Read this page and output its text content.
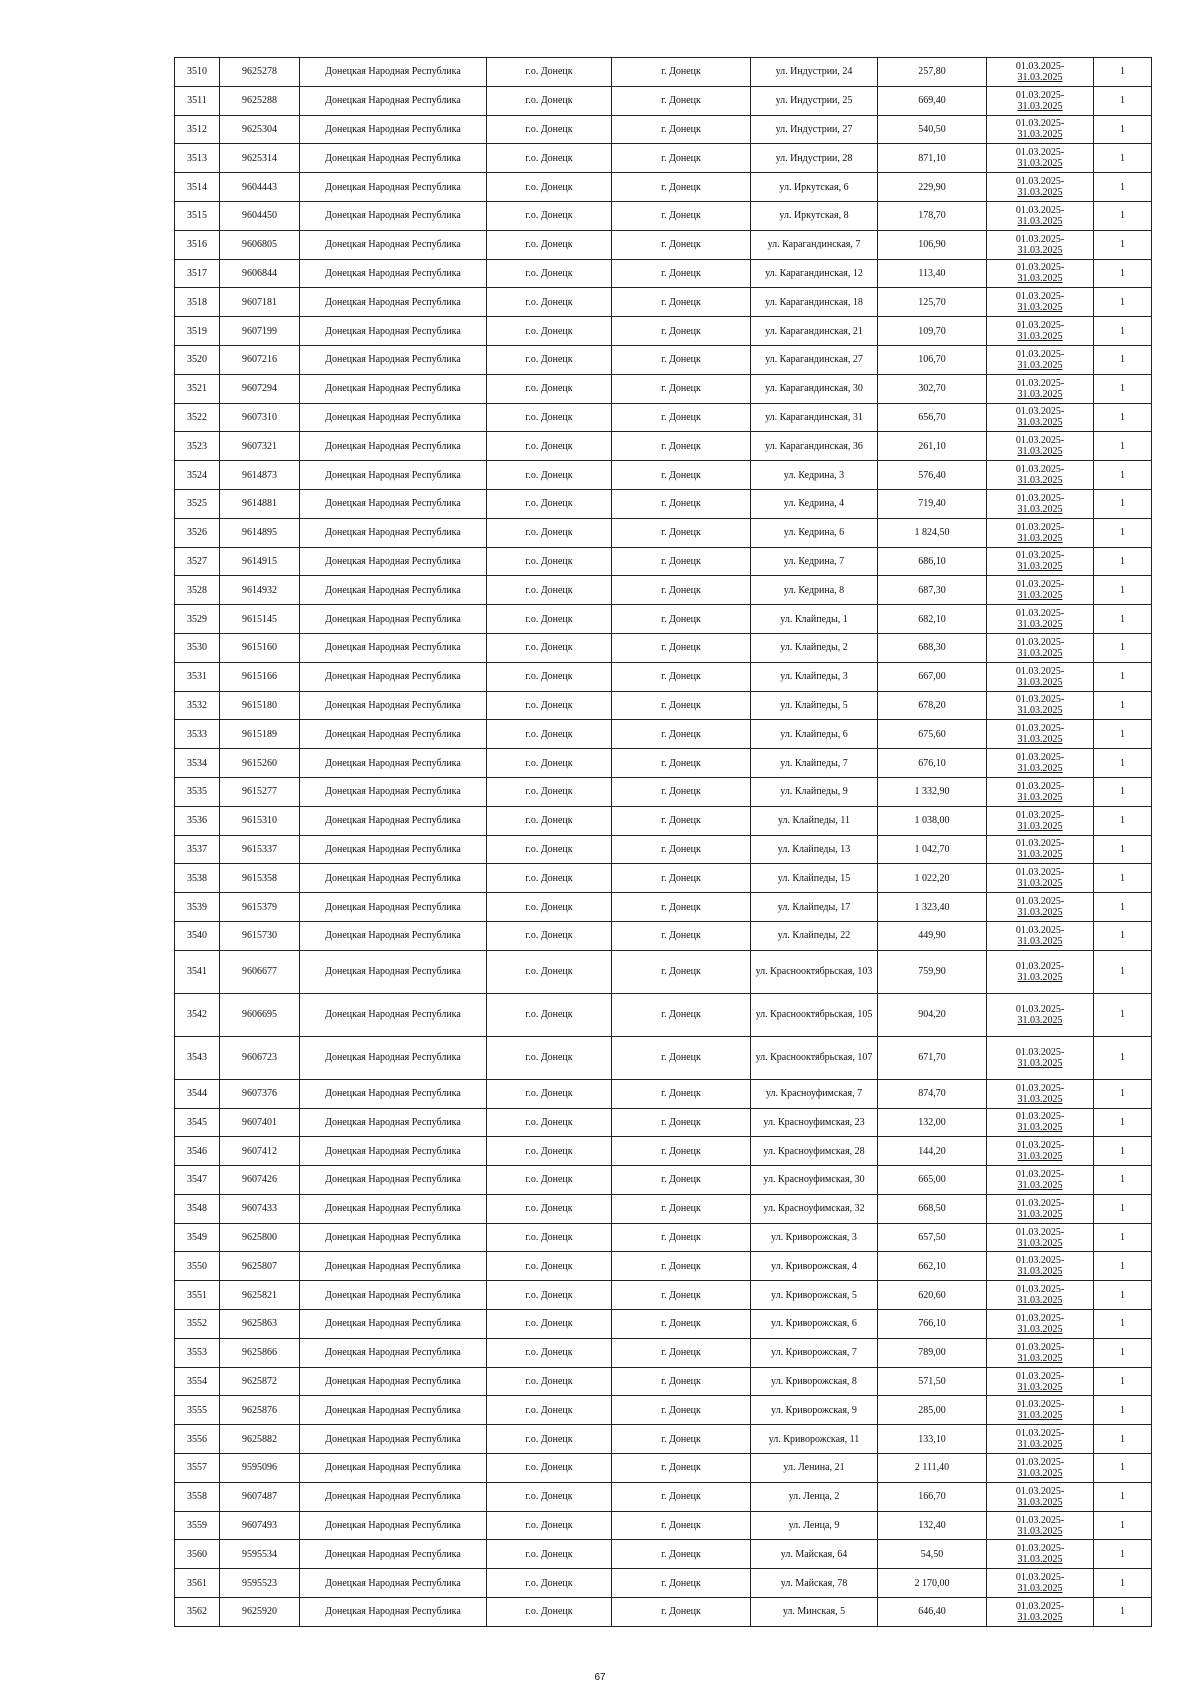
3510	9625278	Донецкая Народная Республика	г.о. Донецк	г. Донецк	ул. Индустрии, 24	257,80	01.03.2025-
31.03.2025	1
3511	9625288	Донецкая Народная Республика	г.о. Донецк	г. Донецк	ул. Индустрии, 25	669,40	01.03.2025-
31.03.2025	1
3512	9625304	Донецкая Народная Республика	г.о. Донецк	г. Донецк	ул. Индустрии, 27	540,50	01.03.2025-
31.03.2025	1
3513	9625314	Донецкая Народная Республика	г.о. Донецк	г. Донецк	ул. Индустрии, 28	871,10	01.03.2025-
31.03.2025	1
3514	9604443	Донецкая Народная Республика	г.о. Донецк	г. Донецк	ул. Иркутская, 6	229,90	01.03.2025-
31.03.2025	1
3515	9604450	Донецкая Народная Республика	г.о. Донецк	г. Донецк	ул. Иркутская, 8	178,70	01.03.2025-
31.03.2025	1
3516	9606805	Донецкая Народная Республика	г.о. Донецк	г. Донецк	ул. Карагандинская, 7	106,90	01.03.2025-
31.03.2025	1
3517	9606844	Донецкая Народная Республика	г.о. Донецк	г. Донецк	ул. Карагандинская, 12	113,40	01.03.2025-
31.03.2025	1
3518	9607181	Донецкая Народная Республика	г.о. Донецк	г. Донецк	ул. Карагандинская, 18	125,70	01.03.2025-
31.03.2025	1
3519	9607199	Донецкая Народная Республика	г.о. Донецк	г. Донецк	ул. Карагандинская, 21	109,70	01.03.2025-
31.03.2025	1
3520	9607216	Донецкая Народная Республика	г.о. Донецк	г. Донецк	ул. Карагандинская, 27	106,70	01.03.2025-
31.03.2025	1
3521	9607294	Донецкая Народная Республика	г.о. Донецк	г. Донецк	ул. Карагандинская, 30	302,70	01.03.2025-
31.03.2025	1
3522	9607310	Донецкая Народная Республика	г.о. Донецк	г. Донецк	ул. Карагандинская, 31	656,70	01.03.2025-
31.03.2025	1
3523	9607321	Донецкая Народная Республика	г.о. Донецк	г. Донецк	ул. Карагандинская, 36	261,10	01.03.2025-
31.03.2025	1
3524	9614873	Донецкая Народная Республика	г.о. Донецк	г. Донецк	ул. Кедрина, 3	576,40	01.03.2025-
31.03.2025	1
3525	9614881	Донецкая Народная Республика	г.о. Донецк	г. Донецк	ул. Кедрина, 4	719,40	01.03.2025-
31.03.2025	1
3526	9614895	Донецкая Народная Республика	г.о. Донецк	г. Донецк	ул. Кедрина, 6	1 824,50	01.03.2025-
31.03.2025	1
3527	9614915	Донецкая Народная Республика	г.о. Донецк	г. Донецк	ул. Кедрина, 7	686,10	01.03.2025-
31.03.2025	1
3528	9614932	Донецкая Народная Республика	г.о. Донецк	г. Донецк	ул. Кедрина, 8	687,30	01.03.2025-
31.03.2025	1
3529	9615145	Донецкая Народная Республика	г.о. Донецк	г. Донецк	ул. Клайпеды, 1	682,10	01.03.2025-
31.03.2025	1
3530	9615160	Донецкая Народная Республика	г.о. Донецк	г. Донецк	ул. Клайпеды, 2	688,30	01.03.2025-
31.03.2025	1
3531	9615166	Донецкая Народная Республика	г.о. Донецк	г. Донецк	ул. Клайпеды, 3	667,00	01.03.2025-
31.03.2025	1
3532	9615180	Донецкая Народная Республика	г.о. Донецк	г. Донецк	ул. Клайпеды, 5	678,20	01.03.2025-
31.03.2025	1
3533	9615189	Донецкая Народная Республика	г.о. Донецк	г. Донецк	ул. Клайпеды, 6	675,60	01.03.2025-
31.03.2025	1
3534	9615260	Донецкая Народная Республика	г.о. Донецк	г. Донецк	ул. Клайпеды, 7	676,10	01.03.2025-
31.03.2025	1
3535	9615277	Донецкая Народная Республика	г.о. Донецк	г. Донецк	ул. Клайпеды, 9	1 332,90	01.03.2025-
31.03.2025	1
3536	9615310	Донецкая Народная Республика	г.о. Донецк	г. Донецк	ул. Клайпеды, 11	1 038,00	01.03.2025-
31.03.2025	1
3537	9615337	Донецкая Народная Республика	г.о. Донецк	г. Донецк	ул. Клайпеды, 13	1 042,70	01.03.2025-
31.03.2025	1
3538	9615358	Донецкая Народная Республика	г.о. Донецк	г. Донецк	ул. Клайпеды, 15	1 022,20	01.03.2025-
31.03.2025	1
3539	9615379	Донецкая Народная Республика	г.о. Донецк	г. Донецк	ул. Клайпеды, 17	1 323,40	01.03.2025-
31.03.2025	1
3540	9615730	Донецкая Народная Республика	г.о. Донецк	г. Донецк	ул. Клайпеды, 22	449,90	01.03.2025-
31.03.2025	1
3541	9606677	Донецкая Народная Республика	г.о. Донецк	г. Донецк	ул. Краснооктябрьская, 103	759,90	01.03.2025-
31.03.2025	1
3542	9606695	Донецкая Народная Республика	г.о. Донецк	г. Донецк	ул. Краснооктябрьская, 105	904,20	01.03.2025-
31.03.2025	1
3543	9606723	Донецкая Народная Республика	г.о. Донецк	г. Донецк	ул. Краснооктябрьская, 107	671,70	01.03.2025-
31.03.2025	1
3544	9607376	Донецкая Народная Республика	г.о. Донецк	г. Донецк	ул. Красноуфимская, 7	874,70	01.03.2025-
31.03.2025	1
3545	9607401	Донецкая Народная Республика	г.о. Донецк	г. Донецк	ул. Красноуфимская, 23	132,00	01.03.2025-
31.03.2025	1
3546	9607412	Донецкая Народная Республика	г.о. Донецк	г. Донецк	ул. Красноуфимская, 28	144,20	01.03.2025-
31.03.2025	1
3547	9607426	Донецкая Народная Республика	г.о. Донецк	г. Донецк	ул. Красноуфимская, 30	665,00	01.03.2025-
31.03.2025	1
3548	9607433	Донецкая Народная Республика	г.о. Донецк	г. Донецк	ул. Красноуфимская, 32	668,50	01.03.2025-
31.03.2025	1
3549	9625800	Донецкая Народная Республика	г.о. Донецк	г. Донецк	ул. Криворожская, 3	657,50	01.03.2025-
31.03.2025	1
3550	9625807	Донецкая Народная Республика	г.о. Донецк	г. Донецк	ул. Криворожская, 4	662,10	01.03.2025-
31.03.2025	1
3551	9625821	Донецкая Народная Республика	г.о. Донецк	г. Донецк	ул. Криворожская, 5	620,60	01.03.2025-
31.03.2025	1
3552	9625863	Донецкая Народная Республика	г.о. Донецк	г. Донецк	ул. Криворожская, 6	766,10	01.03.2025-
31.03.2025	1
3553	9625866	Донецкая Народная Республика	г.о. Донецк	г. Донецк	ул. Криворожская, 7	789,00	01.03.2025-
31.03.2025	1
3554	9625872	Донецкая Народная Республика	г.о. Донецк	г. Донецк	ул. Криворожская, 8	571,50	01.03.2025-
31.03.2025	1
3555	9625876	Донецкая Народная Республика	г.о. Донецк	г. Донецк	ул. Криворожская, 9	285,00	01.03.2025-
31.03.2025	1
3556	9625882	Донецкая Народная Республика	г.о. Донецк	г. Донецк	ул. Криворожская, 11	133,10	01.03.2025-
31.03.2025	1
3557	9595096	Донецкая Народная Республика	г.о. Донецк	г. Донецк	ул. Ленина, 21	2 111,40	01.03.2025-
31.03.2025	1
3558	9607487	Донецкая Народная Республика	г.о. Донецк	г. Донецк	ул. Ленца, 2	166,70	01.03.2025-
31.03.2025	1
3559	9607493	Донецкая Народная Республика	г.о. Донецк	г. Донецк	ул. Ленца, 9	132,40	01.03.2025-
31.03.2025	1
3560	9595534	Донецкая Народная Республика	г.о. Донецк	г. Донецк	ул. Майская, 64	54,50	01.03.2025-
31.03.2025	1
3561	9595523	Донецкая Народная Республика	г.о. Донецк	г. Донецк	ул. Майская, 78	2 170,00	01.03.2025-
31.03.2025	1
3562	9625920	Донецкая Народная Республика	г.о. Донецк	г. Донецк	ул. Минская, 5	646,40	01.03.2025-
31.03.2025	1
67
